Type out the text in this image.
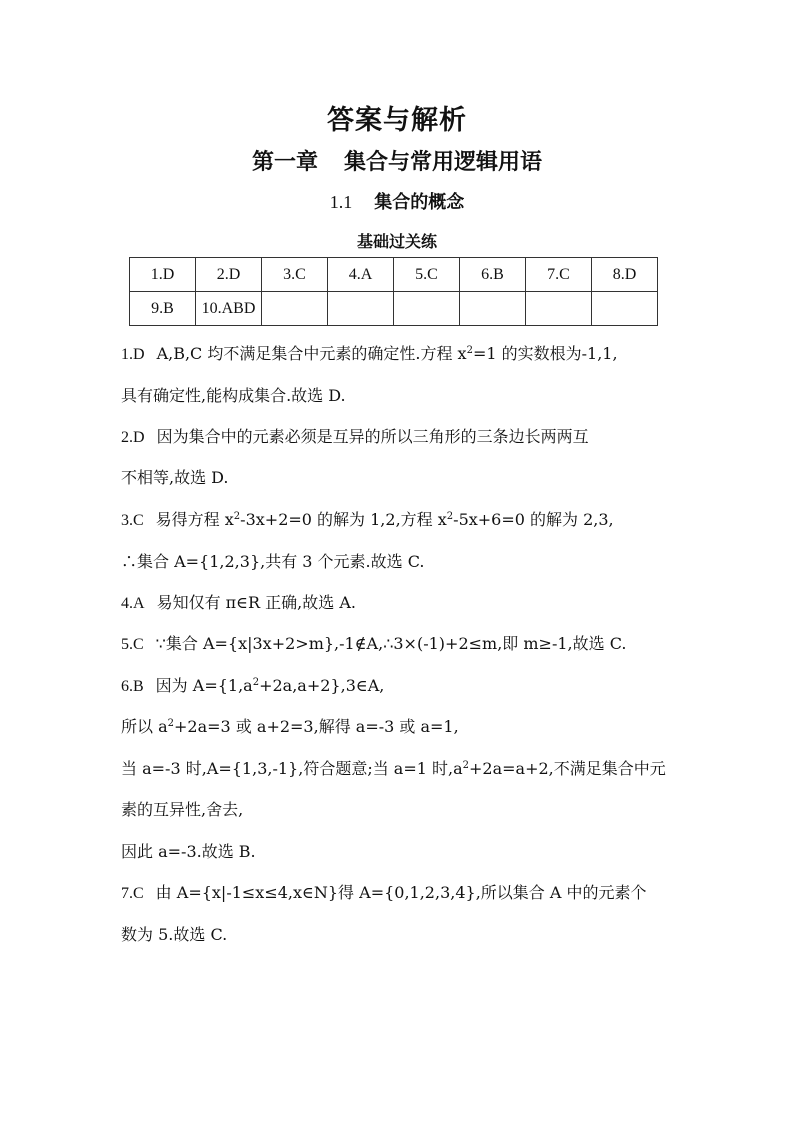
答案与解析
第一章 集合与常用逻辑用语
1.1 集合的概念
基础过关练
1.D	2.D	3.C	4.A	5.C	6.B	7.C	8.D
9.B	10.ABD						
1.D A,B,C 均不满足集合中元素的确定性.方程 $x^2=1$ 的实数根为-1,1,
具有确定性,能构成集合.故选 D.
2.D 因为集合中的元素必须是互异的所以三角形的三条边长两两互
不相等,故选 D.
3.C 易得方程 $x^2-3x+2=0$ 的解为 1,2,方程 $x^2-5x+6=0$ 的解为 2,3,
∴集合 A={1,2,3},共有 3 个元素.故选 C.
4.A 易知仅有 π∈R 正确,故选 A.
5.C ∵集合 A={x|3x+2>m},-1∉A,∴3×(-1)+2≤m,即 m≥-1,故选 C.
6.B 因为 $A=\{1,a^2+2a,a+2\},3\in A$,
所以 $a^2+2a=3$ 或 a+2=3,解得 a=-3 或 a=1,
当 a=-3 时,A={1,3,-1},符合题意;当 a=1 时$,a^2+2a=a+2$,不满足集合中元
素的互异性,舍去,
因此 a=-3.故选 B.
7.C 由 A={x|-1≤x≤4,x∈N}得 A={0,1,2,3,4},所以集合 A 中的元素个
数为 5.故选 C.
